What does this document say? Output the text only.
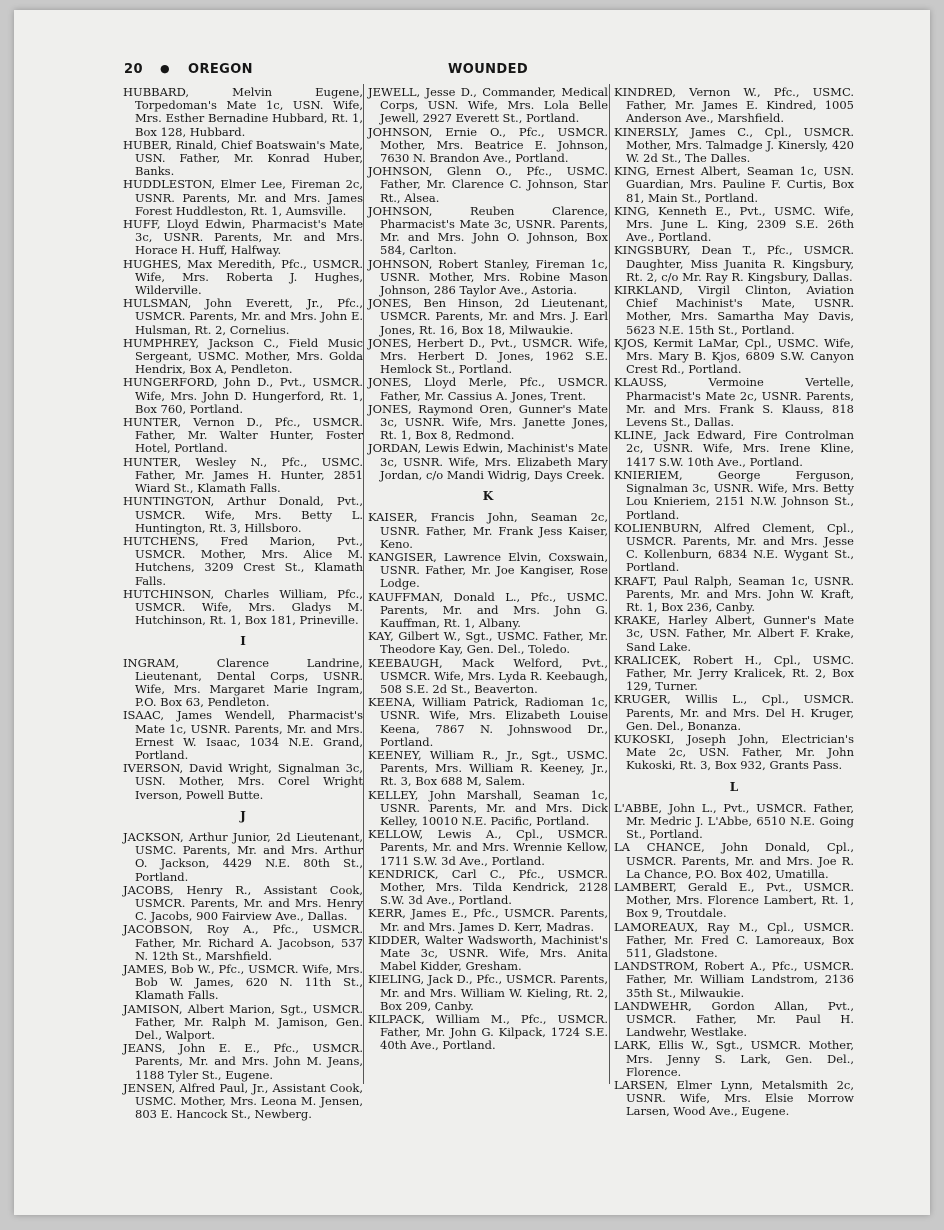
20 ● OREGON	WOUNDED

HUBBARD, Melvin Eugene, Torpedoman's Mate 1c, USN. Wife, Mrs. Esther Bernadine Hubbard, Rt. 1, Box 128, Hubbard.

HUBER, Rinald, Chief Boatswain's Mate, USN. Father, Mr. Konrad Huber, Banks.

HUDDLESTON, Elmer Lee, Fireman 2c, USNR. Parents, Mr. and Mrs. James Forest Huddleston, Rt. 1, Aumsville.

HUFF, Lloyd Edwin, Pharmacist's Mate 3c, USNR. Parents, Mr. and Mrs. Horace H. Huff, Halfway.

HUGHES, Max Meredith, Pfc., USMCR. Wife, Mrs. Roberta J. Hughes, Wilderville.

HULSMAN, John Everett, Jr., Pfc., USMCR. Parents, Mr. and Mrs. John E. Hulsman, Rt. 2, Cornelius.

HUMPHREY, Jackson C., Field Music Sergeant, USMC. Mother, Mrs. Golda Hendrix, Box A, Pendleton.

HUNGERFORD, John D., Pvt., USMCR. Wife, Mrs. John D. Hungerford, Rt. 1, Box 760, Portland.

HUNTER, Vernon D., Pfc., USMCR. Father, Mr. Walter Hunter, Foster Hotel, Portland.

HUNTER, Wesley N., Pfc., USMC. Father, Mr. James H. Hunter, 2851 Wiard St., Klamath Falls.

HUNTINGTON, Arthur Donald, Pvt., USMCR. Wife, Mrs. Betty L. Huntington, Rt. 3, Hillsboro.

HUTCHENS, Fred Marion, Pvt., USMCR. Mother, Mrs. Alice M. Hutchens, 3209 Crest St., Klamath Falls.

HUTCHINSON, Charles William, Pfc., USMCR. Wife, Mrs. Gladys M. Hutchinson, Rt. 1, Box 181, Prineville.

I

INGRAM, Clarence Landrine, Lieutenant, Dental Corps, USNR. Wife, Mrs. Margaret Marie Ingram, P.O. Box 63, Pendleton.

ISAAC, James Wendell, Pharmacist's Mate 1c, USNR. Parents, Mr. and Mrs. Ernest W. Isaac, 1034 N.E. Grand, Portland.

IVERSON, David Wright, Signalman 3c, USN. Mother, Mrs. Corel Wright Iverson, Powell Butte.

J

JACKSON, Arthur Junior, 2d Lieutenant, USMC. Parents, Mr. and Mrs. Arthur O. Jackson, 4429 N.E. 80th St., Portland.

JACOBS, Henry R., Assistant Cook, USMCR. Parents, Mr. and Mrs. Henry C. Jacobs, 900 Fairview Ave., Dallas.

JACOBSON, Roy A., Pfc., USMCR. Father, Mr. Richard A. Jacobson, 537 N. 12th St., Marshfield.

JAMES, Bob W., Pfc., USMCR. Wife, Mrs. Bob W. James, 620 N. 11th St., Klamath Falls.

JAMISON, Albert Marion, Sgt., USMCR. Father, Mr. Ralph M. Jamison, Gen. Del., Walport.

JEANS, John E. E., Pfc., USMCR. Parents, Mr. and Mrs. John M. Jeans, 1188 Tyler St., Eugene.

JENSEN, Alfred Paul, Jr., Assistant Cook, USMC. Mother, Mrs. Leona M. Jensen, 803 E. Hancock St., Newberg.

JEWELL, Jesse D., Commander, Medical Corps, USN. Wife, Mrs. Lola Belle Jewell, 2927 Everett St., Portland.

JOHNSON, Ernie O., Pfc., USMCR. Mother, Mrs. Beatrice E. Johnson, 7630 N. Brandon Ave., Portland.

JOHNSON, Glenn O., Pfc., USMC. Father, Mr. Clarence C. Johnson, Star Rt., Alsea.

JOHNSON, Reuben Clarence, Pharmacist's Mate 3c, USNR. Parents, Mr. and Mrs. John O. Johnson, Box 584, Carlton.

JOHNSON, Robert Stanley, Fireman 1c, USNR. Mother, Mrs. Robine Mason Johnson, 286 Taylor Ave., Astoria.

JONES, Ben Hinson, 2d Lieutenant, USMCR. Parents, Mr. and Mrs. J. Earl Jones, Rt. 16, Box 18, Milwaukie.

JONES, Herbert D., Pvt., USMCR. Wife, Mrs. Herbert D. Jones, 1962 S.E. Hemlock St., Portland.

JONES, Lloyd Merle, Pfc., USMCR. Father, Mr. Cassius A. Jones, Trent.

JONES, Raymond Oren, Gunner's Mate 3c, USNR. Wife, Mrs. Janette Jones, Rt. 1, Box 8, Redmond.

JORDAN, Lewis Edwin, Machinist's Mate 3c, USNR. Wife, Mrs. Elizabeth Mary Jordan, c/o Mandi Widrig, Days Creek.

K

KAISER, Francis John, Seaman 2c, USNR. Father, Mr. Frank Jess Kaiser, Keno.

KANGISER, Lawrence Elvin, Coxswain, USNR. Father, Mr. Joe Kangiser, Rose Lodge.

KAUFFMAN, Donald L., Pfc., USMC. Parents, Mr. and Mrs. John G. Kauffman, Rt. 1, Albany.

KAY, Gilbert W., Sgt., USMC. Father, Mr. Theodore Kay, Gen. Del., Toledo.

KEEBAUGH, Mack Welford, Pvt., USMCR. Wife, Mrs. Lyda R. Keebaugh, 508 S.E. 2d St., Beaverton.

KEENA, William Patrick, Radioman 1c, USNR. Wife, Mrs. Elizabeth Louise Keena, 7867 N. Johnswood Dr., Portland.

KEENEY, William R., Jr., Sgt., USMC. Parents, Mrs. William R. Keeney, Jr., Rt. 3, Box 688 M, Salem.

KELLEY, John Marshall, Seaman 1c, USNR. Parents, Mr. and Mrs. Dick Kelley, 10010 N.E. Pacific, Portland.

KELLOW, Lewis A., Cpl., USMCR. Parents, Mr. and Mrs. Wrennie Kellow, 1711 S.W. 3d Ave., Portland.

KENDRICK, Carl C., Pfc., USMCR. Mother, Mrs. Tilda Kendrick, 2128 S.W. 3d Ave., Portland.

KERR, James E., Pfc., USMCR. Parents, Mr. and Mrs. James D. Kerr, Madras.

KIDDER, Walter Wadsworth, Machinist's Mate 3c, USNR. Wife, Mrs. Anita Mabel Kidder, Gresham.

KIELING, Jack D., Pfc., USMCR. Parents, Mr. and Mrs. William W. Kieling, Rt. 2, Box 209, Canby.

KILPACK, William M., Pfc., USMCR. Father, Mr. John G. Kilpack, 1724 S.E. 40th Ave., Portland.

KINDRED, Vernon W., Pfc., USMC. Father, Mr. James E. Kindred, 1005 Anderson Ave., Marshfield.

KINERSLY, James C., Cpl., USMCR. Mother, Mrs. Talmadge J. Kinersly, 420 W. 2d St., The Dalles.

KING, Ernest Albert, Seaman 1c, USN. Guardian, Mrs. Pauline F. Curtis, Box 81, Main St., Portland.

KING, Kenneth E., Pvt., USMC. Wife, Mrs. June L. King, 2309 S.E. 26th Ave., Portland.

KINGSBURY, Dean T., Pfc., USMCR. Daughter, Miss Juanita R. Kingsbury, Rt. 2, c/o Mr. Ray R. Kingsbury, Dallas.

KIRKLAND, Virgil Clinton, Aviation Chief Machinist's Mate, USNR. Mother, Mrs. Samartha May Davis, 5623 N.E. 15th St., Portland.

KJOS, Kermit LaMar, Cpl., USMC. Wife, Mrs. Mary B. Kjos, 6809 S.W. Canyon Crest Rd., Portland.

KLAUSS, Vermoine Vertelle, Pharmacist's Mate 2c, USNR. Parents, Mr. and Mrs. Frank S. Klauss, 818 Levens St., Dallas.

KLINE, Jack Edward, Fire Controlman 2c, USNR. Wife, Mrs. Irene Kline, 1417 S.W. 10th Ave., Portland.

KNIERIEM, George Ferguson, Signalman 3c, USNR. Wife, Mrs. Betty Lou Knieriem, 2151 N.W. Johnson St., Portland.

KOLIENBURN, Alfred Clement, Cpl., USMCR. Parents, Mr. and Mrs. Jesse C. Kollenburn, 6834 N.E. Wygant St., Portland.

KRAFT, Paul Ralph, Seaman 1c, USNR. Parents, Mr. and Mrs. John W. Kraft, Rt. 1, Box 236, Canby.

KRAKE, Harley Albert, Gunner's Mate 3c, USN. Father, Mr. Albert F. Krake, Sand Lake.

KRALICEK, Robert H., Cpl., USMC. Father, Mr. Jerry Kralicek, Rt. 2, Box 129, Turner.

KRUGER, Willis L., Cpl., USMCR. Parents, Mr. and Mrs. Del H. Kruger, Gen. Del., Bonanza.

KUKOSKI, Joseph John, Electrician's Mate 2c, USN. Father, Mr. John Kukoski, Rt. 3, Box 932, Grants Pass.

L

L'ABBE, John L., Pvt., USMCR. Father, Mr. Medric J. L'Abbe, 6510 N.E. Going St., Portland.

LA CHANCE, John Donald, Cpl., USMCR. Parents, Mr. and Mrs. Joe R. La Chance, P.O. Box 402, Umatilla.

LAMBERT, Gerald E., Pvt., USMCR. Mother, Mrs. Florence Lambert, Rt. 1, Box 9, Troutdale.

LAMOREAUX, Ray M., Cpl., USMCR. Father, Mr. Fred C. Lamoreaux, Box 511, Gladstone.

LANDSTROM, Robert A., Pfc., USMCR. Father, Mr. William Landstrom, 2136 35th St., Milwaukie.

LANDWEHR, Gordon Allan, Pvt., USMCR. Father, Mr. Paul H. Landwehr, Westlake.

LARK, Ellis W., Sgt., USMCR. Mother, Mrs. Jenny S. Lark, Gen. Del., Florence.

LARSEN, Elmer Lynn, Metalsmith 2c, USNR. Wife, Mrs. Elsie Morrow Larsen, Wood Ave., Eugene.
